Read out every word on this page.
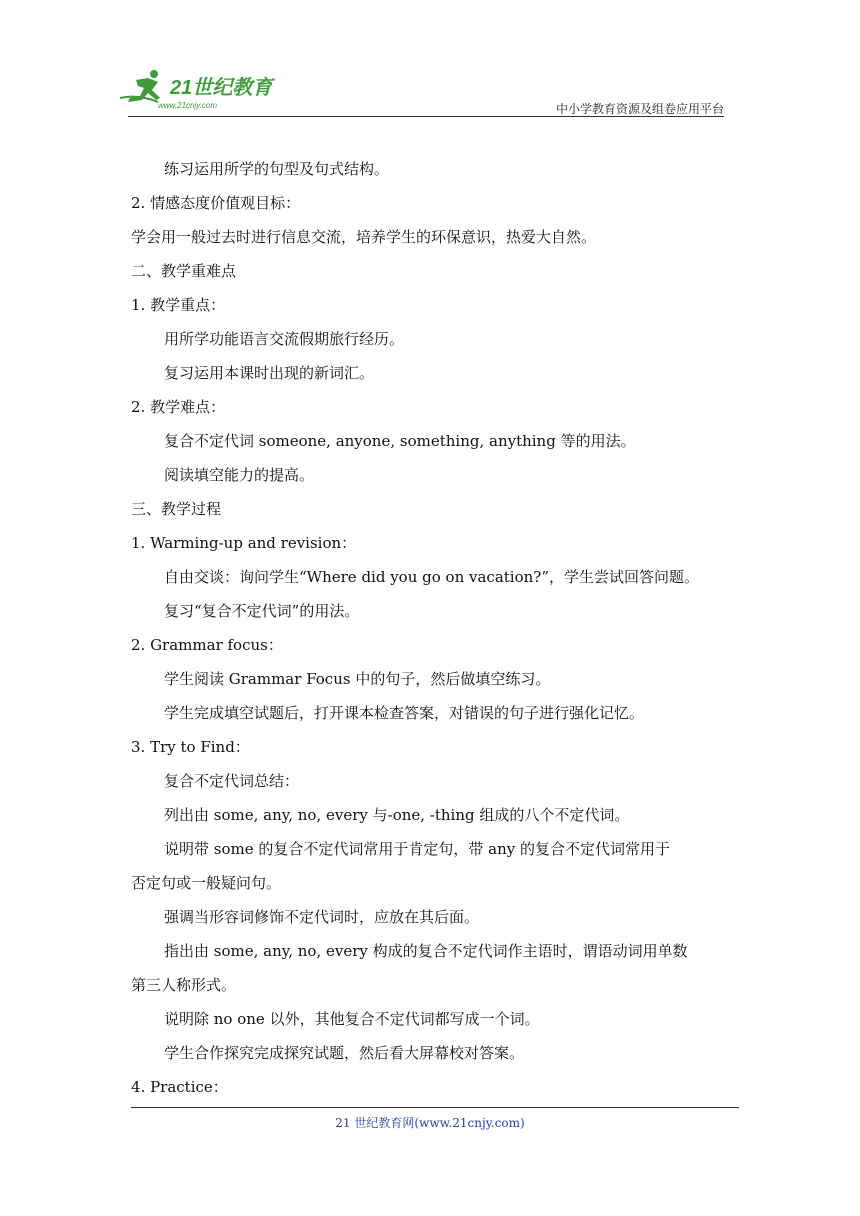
21世纪教育
www.21cnjy.com	中小学教育资源及组卷应用平台
练习运用所学的句型及句式结构。
2. 情感态度价值观目标：
学会用一般过去时进行信息交流，培养学生的环保意识，热爱大自然。
二、教学重难点
1. 教学重点：
用所学功能语言交流假期旅行经历。
复习运用本课时出现的新词汇。
2. 教学难点：
复合不定代词 someone, anyone, something, anything 等的用法。
阅读填空能力的提高。
三、教学过程
1. Warming-up and revision：
自由交谈：询问学生“Where did you go on vacation?”，学生尝试回答问题。
复习“复合不定代词”的用法。
2. Grammar focus：
学生阅读 Grammar Focus 中的句子，然后做填空练习。
学生完成填空试题后，打开课本检查答案，对错误的句子进行强化记忆。
3. Try to Find：
复合不定代词总结：
列出由 some, any, no, every 与-one, -thing 组成的八个不定代词。
说明带 some 的复合不定代词常用于肯定句，带 any 的复合不定代词常用于
否定句或一般疑问句。
强调当形容词修饰不定代词时，应放在其后面。
指出由 some, any, no, every 构成的复合不定代词作主语时，谓语动词用单数
第三人称形式。
说明除 no one 以外，其他复合不定代词都写成一个词。
学生合作探究完成探究试题，然后看大屏幕校对答案。
4. Practice：
21 世纪教育网(www.21cnjy.com)
